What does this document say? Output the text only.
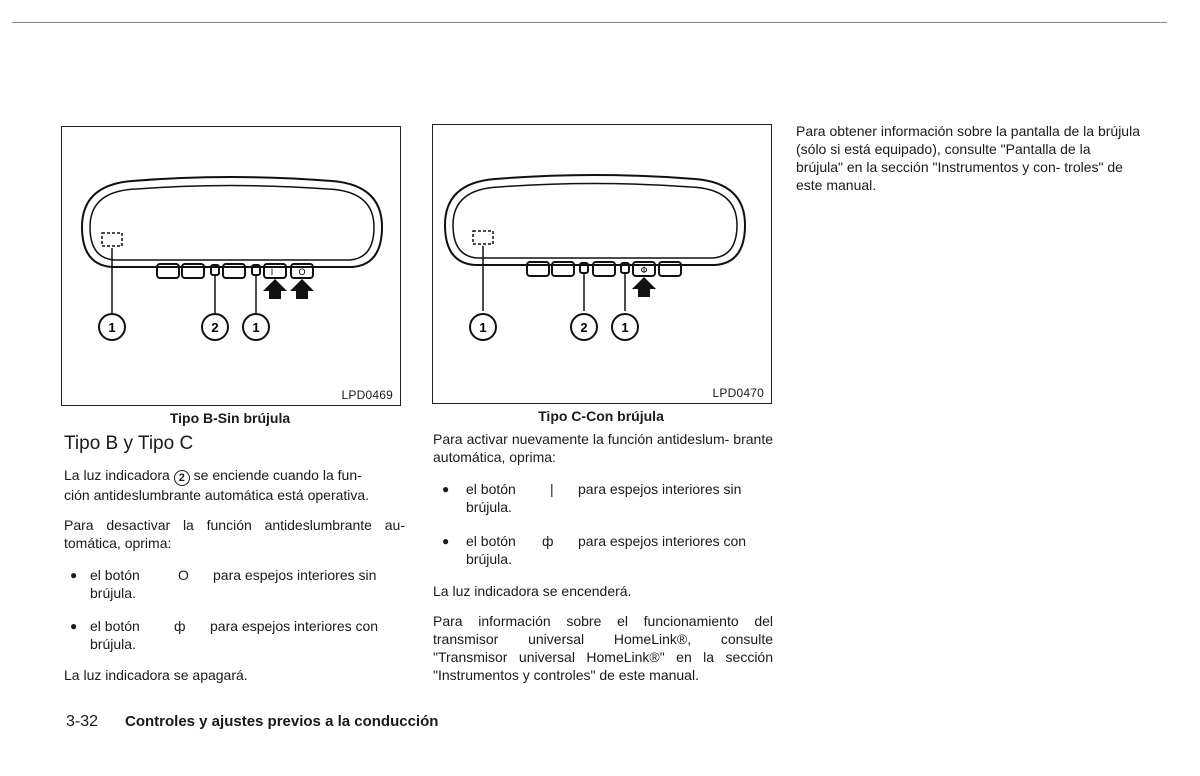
I	O
1	2	1
LPD0469
Tipo B-Sin brújula
Φ
1	2	1
LPD0470
Tipo C-Con brújula
Tipo B y Tipo C

La luz indicadora 2 se enciende cuando la fun-
ción antideslumbrante automática está operativa.

Para desactivar la función antideslumbrante au- tomática, oprima:

● el botón	O para espejos interiores sin
brújula.
● el botón ф para espejos interiores con
brújula.

La luz indicadora se apagará.

Para activar nuevamente la función antideslum- brante automática, oprima:

● el botón | para espejos interiores sin
brújula.
● el botón ф para espejos interiores con
brújula.

La luz indicadora se encenderá.

Para información sobre el funcionamiento del transmisor universal HomeLink®, consulte "Transmisor universal HomeLink®" en la sección "Instrumentos y controles" de este manual.

Para obtener información sobre la pantalla de la brújula (sólo si está equipado), consulte "Pantalla de la brújula" en la sección "Instrumentos y con- troles" de este manual.

3-32 Controles y ajustes previos a la conducción
